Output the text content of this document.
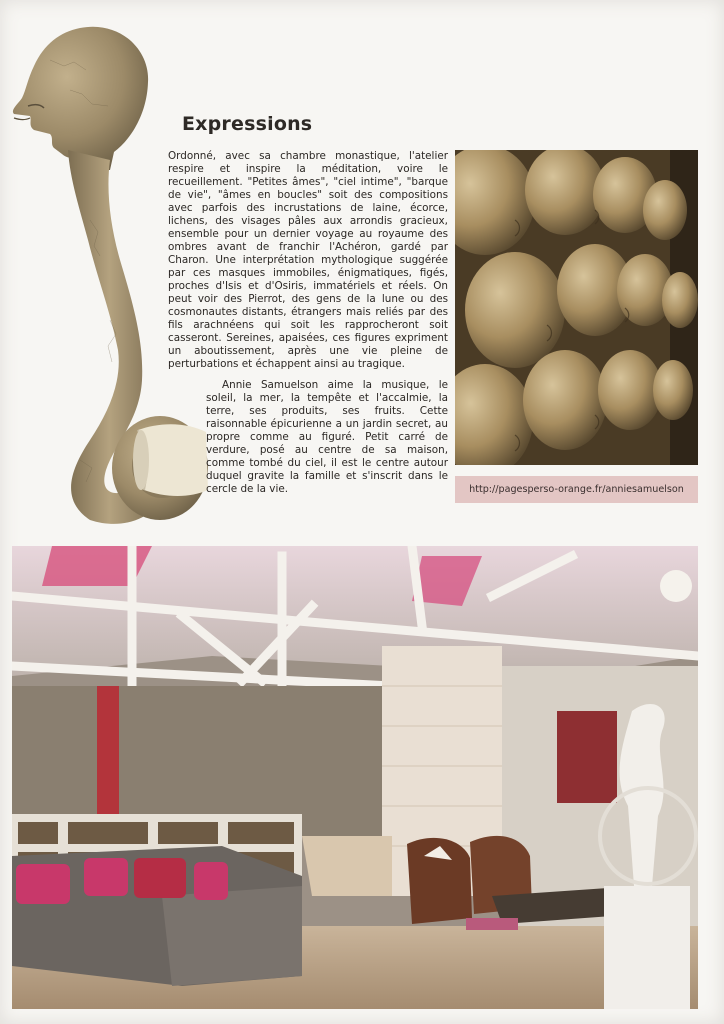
Expressions

Ordonné, avec sa chambre monastique, l'atelier respire et inspire la méditation, voire le recueillement. "Petites âmes", "ciel intime", "barque de vie", "âmes en boucles" soit des compositions avec parfois des incrustations de laine, écorce, lichens, des visages pâles aux arrondis gracieux, ensemble pour un dernier voyage au royaume des ombres avant de franchir l'Achéron, gardé par Charon. Une interprétation mythologique suggérée par ces masques immobiles, énigmatiques, figés, proches d'Isis et d'Osiris, immatériels et réels. On peut voir des Pierrot, des gens de la lune ou des cosmonautes distants, étrangers mais reliés par des fils arachnéens qui soit les rapprocheront soit casseront. Sereines, apaisées, ces figures expriment un aboutissement, après une vie pleine de perturbations et échappent ainsi au tragique.

Annie Samuelson aime la musique, le soleil, la mer, la tempête et l'accalmie, la terre, ses produits, ses fruits. Cette raisonnable épicurienne a un jardin secret, au propre comme au figuré. Petit carré de verdure, posé au centre de sa maison, comme tombé du ciel, il est le centre autour duquel gravite la famille et s'inscrit dans le cercle de la vie.	http://pagesperso-orange.fr/anniesamuelson
